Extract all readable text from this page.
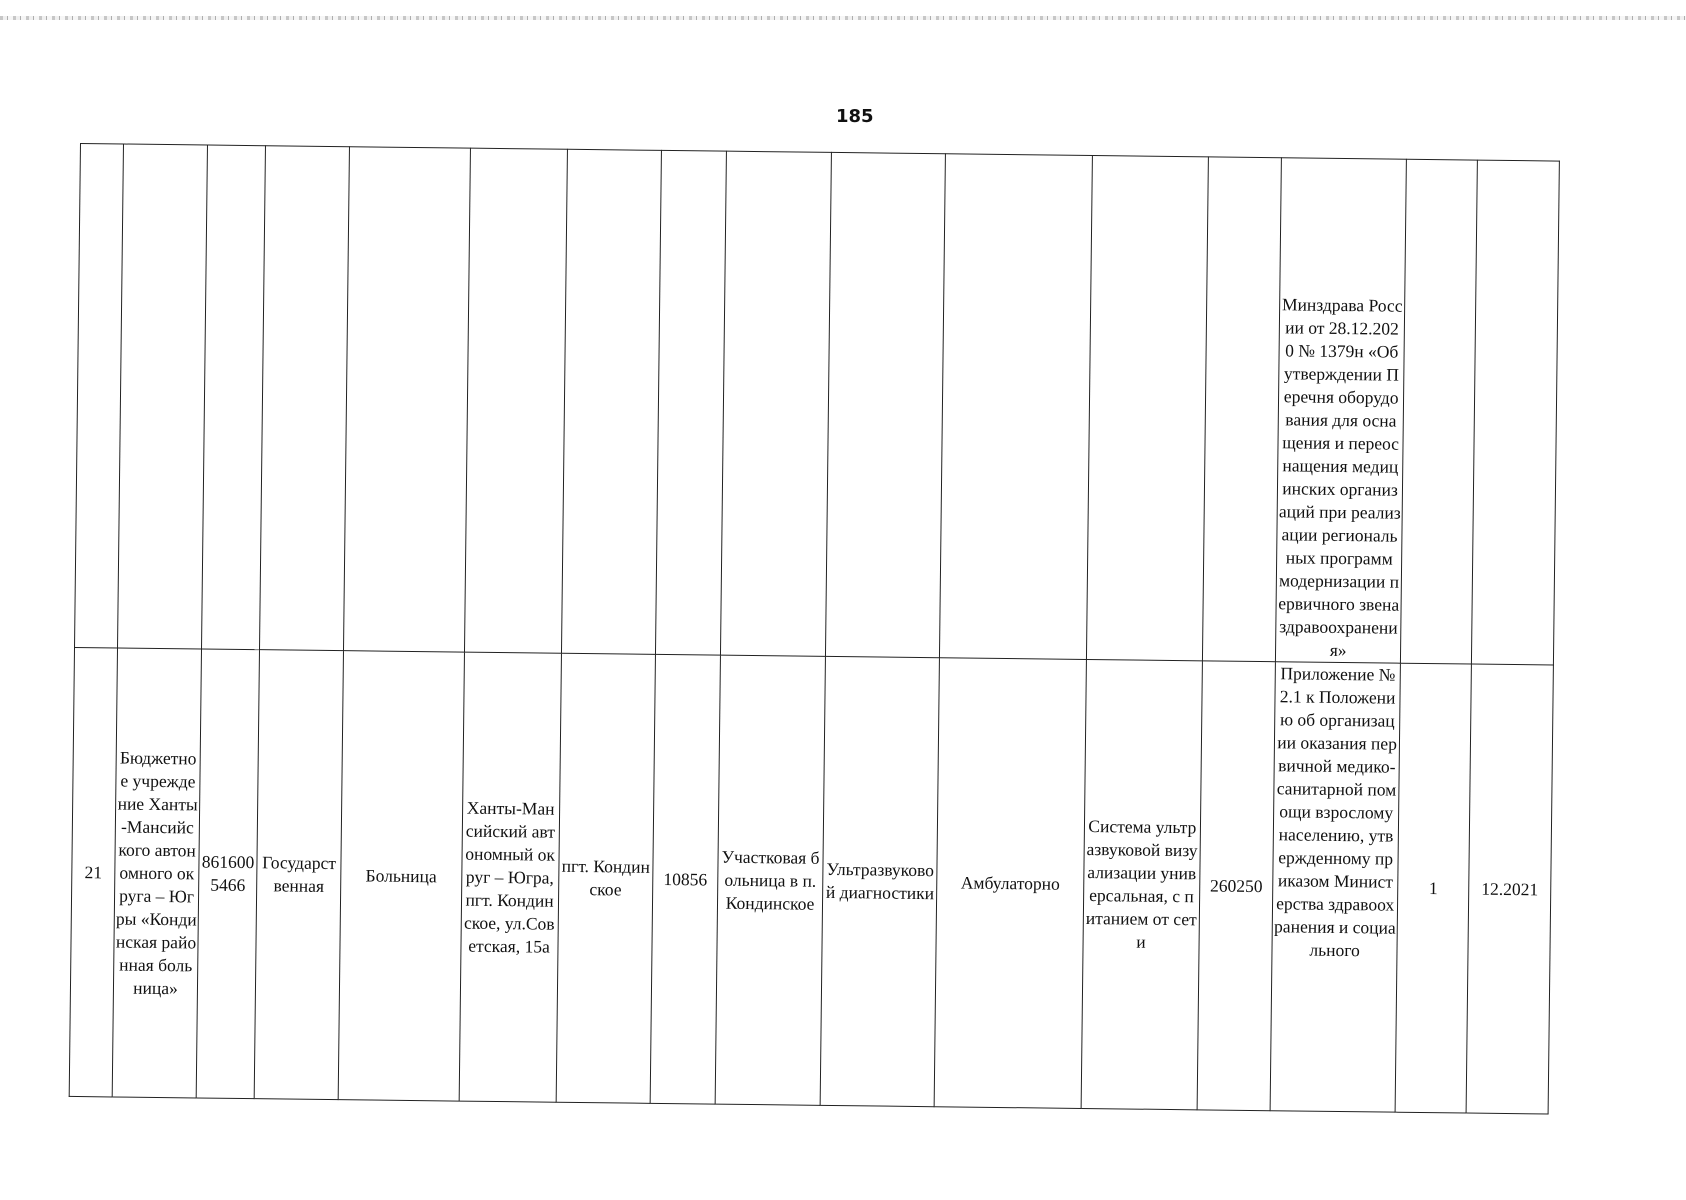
185
													Минздрава России от 28.12.2020 № 1379н «Об утверждении Перечня оборудования для оснащения и переоснащения медицинских организаций при реализации региональных программ модернизации первичного звена здравоохранения»		
21	Бюджетное учреждение Ханты-Мансийского автономного округа – Югры «Кондинская районная больница»	8616005466	Государственная	Больница	Ханты-Мансийский автономный округ – Югра, пгт. Кондинское, ул.Советская, 15а	пгт. Кондинское	10856	Участковая больница в п. Кондинское	Ультразвуковой диагностики	Амбулаторно	Система ультразвуковой визуализации универсальная, с питанием от сети	260250	Приложение № 2.1 к Положению об организации оказания первичной медико-санитарной помощи взрослому населению, утвержденному приказом Министерства здравоохранения и социального	1	12.2021
